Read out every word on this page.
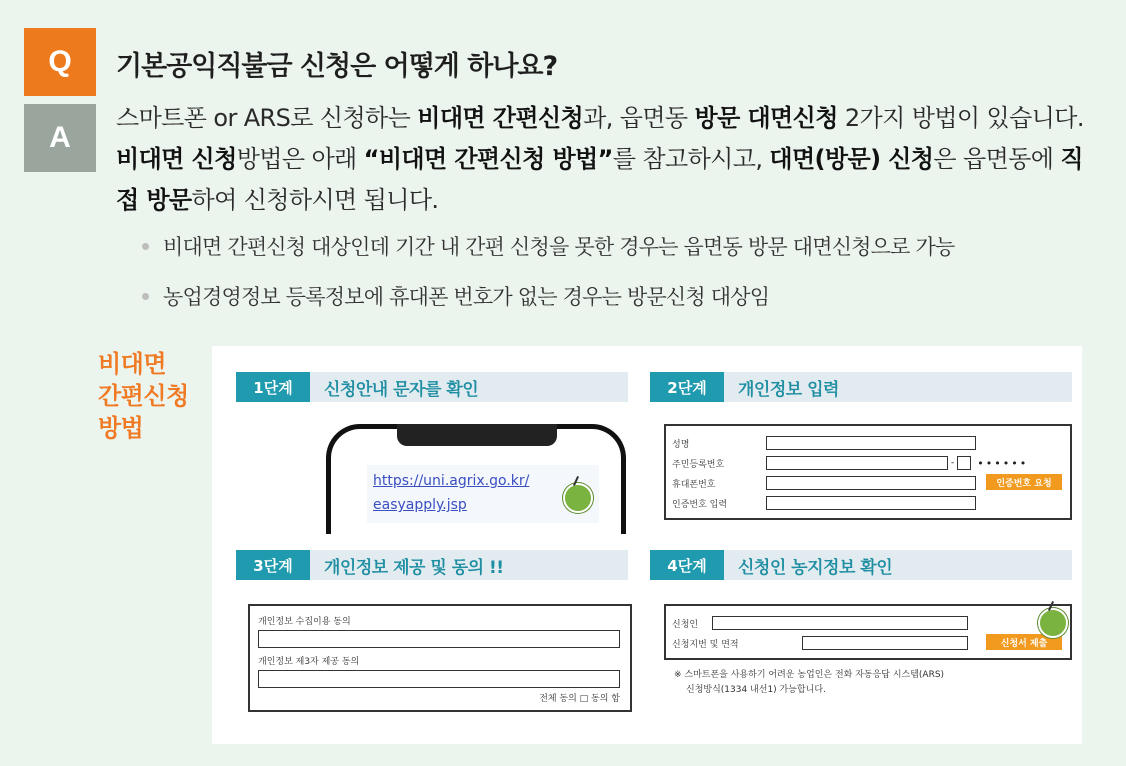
Q
A
기본공익직불금 신청은 어떻게 하나요?
스마트폰 or ARS로 신청하는 비대면 간편신청과, 읍면동 방문 대면신청 2가지 방법이 있습니다. 비대면 신청방법은 아래 “비대면 간편신청 방법”를 참고하시고, 대면(방문) 신청은 읍면동에 직접 방문하여 신청하시면 됩니다.
비대면 간편신청 대상인데 기간 내 간편 신청을 못한 경우는 읍면동 방문 대면신청으로 가능
농업경영정보 등록정보에 휴대폰 번호가 없는 경우는 방문신청 대상임
비대면
간편신청
방법
1단계	신청안내 문자를 확인	2단계	개인정보 입력
3단계	개인정보 제공 및 동의 !!	4단계	신청인 농지정보 확인
https://uni.agrix.go.kr/
easyapply.jsp
성명
주민등록번호	- ••••••
휴대폰번호
인증번호 입력
인증번호 요청
개인정보 수집이용 동의
개인정보 제3자 제공 동의
전체 동의 □ 동의 함
신청인
신청지번 및 면적	신청서 제출
※ 스마트폰을 사용하기 어려운 농업인은 전화 자동응답 시스템(ARS)
신청방식(1334 내선1) 가능합니다.
